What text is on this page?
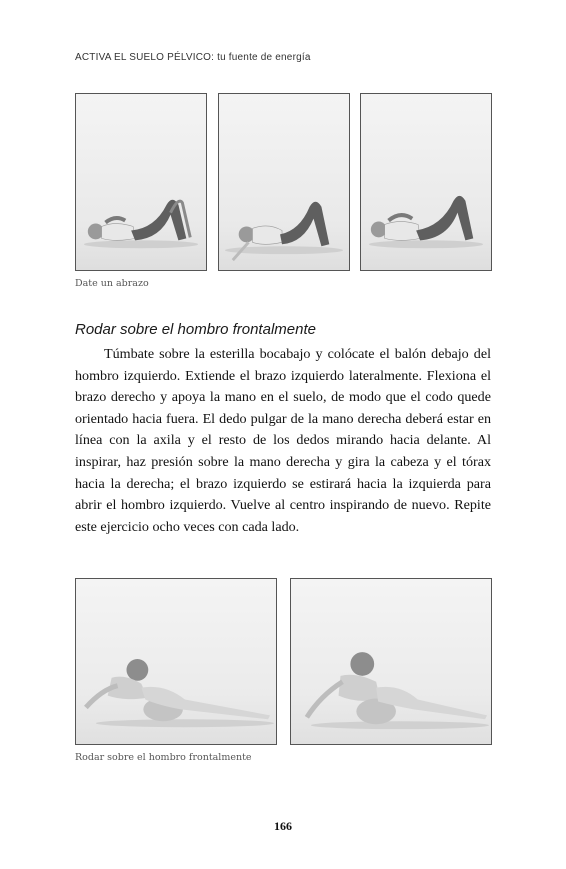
ACTIVA EL SUELO PÉLVICO: tu fuente de energía
Date un abrazo
Rodar sobre el hombro frontalmente

Túmbate sobre la esterilla bocabajo y colócate el balón debajo del hombro izquierdo. Extiende el brazo izquierdo lateralmente. Flexiona el brazo derecho y apoya la mano en el suelo, de modo que el codo quede orientado hacia fuera. El dedo pulgar de la mano derecha deberá estar en línea con la axila y el resto de los dedos mirando hacia delante. Al inspirar, haz presión sobre la mano derecha y gira la cabeza y el tórax hacia la derecha; el brazo izquierdo se estirará hacia la izquierda para abrir el hombro izquierdo. Vuelve al centro inspirando de nuevo. Repite este ejercicio ocho veces con cada lado.

Rodar sobre el hombro frontalmente
166
